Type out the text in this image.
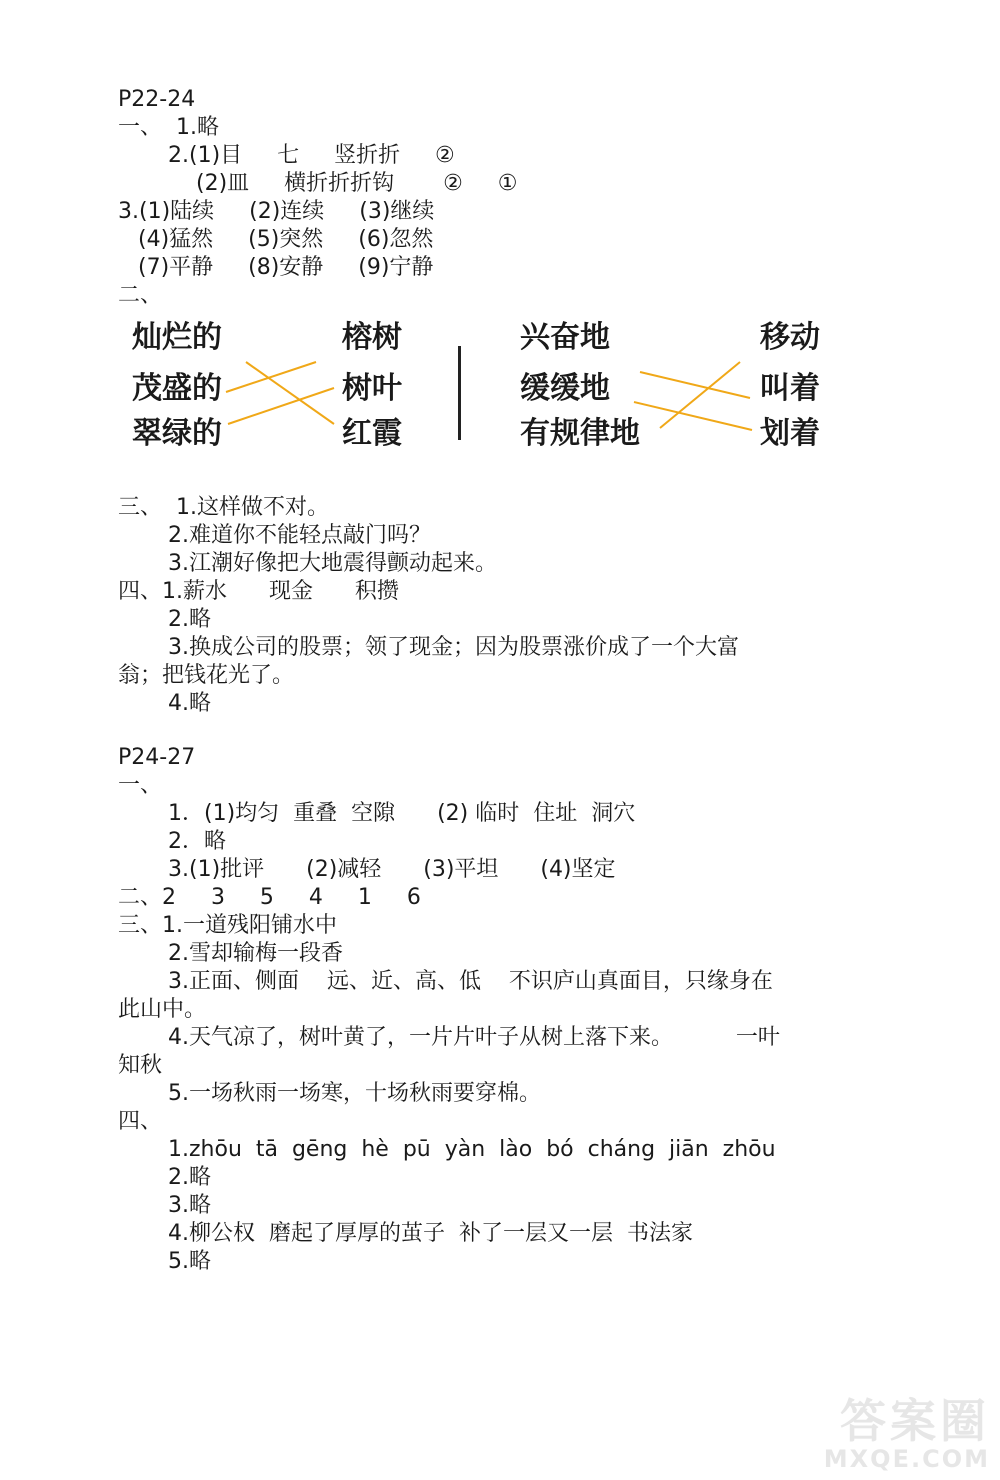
P22-24
一、  1.略
2.(1)目     七     竖折折     ②
(2)皿     横折折折钩       ②     ①
3.(1)陆续     (2)连续     (3)继续
(4)猛然     (5)突然     (6)忽然
(7)平静     (8)安静     (9)宁静
二、
灿烂的
茂盛的
翠绿的
榕树
树叶
红霞
兴奋地
缓缓地
有规律地
移动
叫着
划着
三、  1.这样做不对。
2.难道你不能轻点敲门吗？
3.江潮好像把大地震得颤动起来。
四、1.薪水      现金      积攒
2.略
3.换成公司的股票；领了现金；因为股票涨价成了一个大富
翁；把钱花光了。
4.略
P24-27
一、
1．(1)均匀  重叠  空隙      (2) 临时  住址  洞穴
2．略
3.(1)批评      (2)减轻      (3)平坦      (4)坚定
二、2     3     5     4     1     6
三、1.一道残阳铺水中
2.雪却输梅一段香
3.正面、侧面    远、近、高、低    不识庐山真面目，只缘身在
此山中。
4.天气凉了，树叶黄了，一片片叶子从树上落下来。         一叶
知秋
5.一场秋雨一场寒，十场秋雨要穿棉。
四、
1.zhōu  tā  gēng  hè  pū  yàn  lào  bó  cháng  jiān  zhōu
2.略
3.略
4.柳公权  磨起了厚厚的茧子  补了一层又一层  书法家
5.略
答案圈
MXQE.COM
